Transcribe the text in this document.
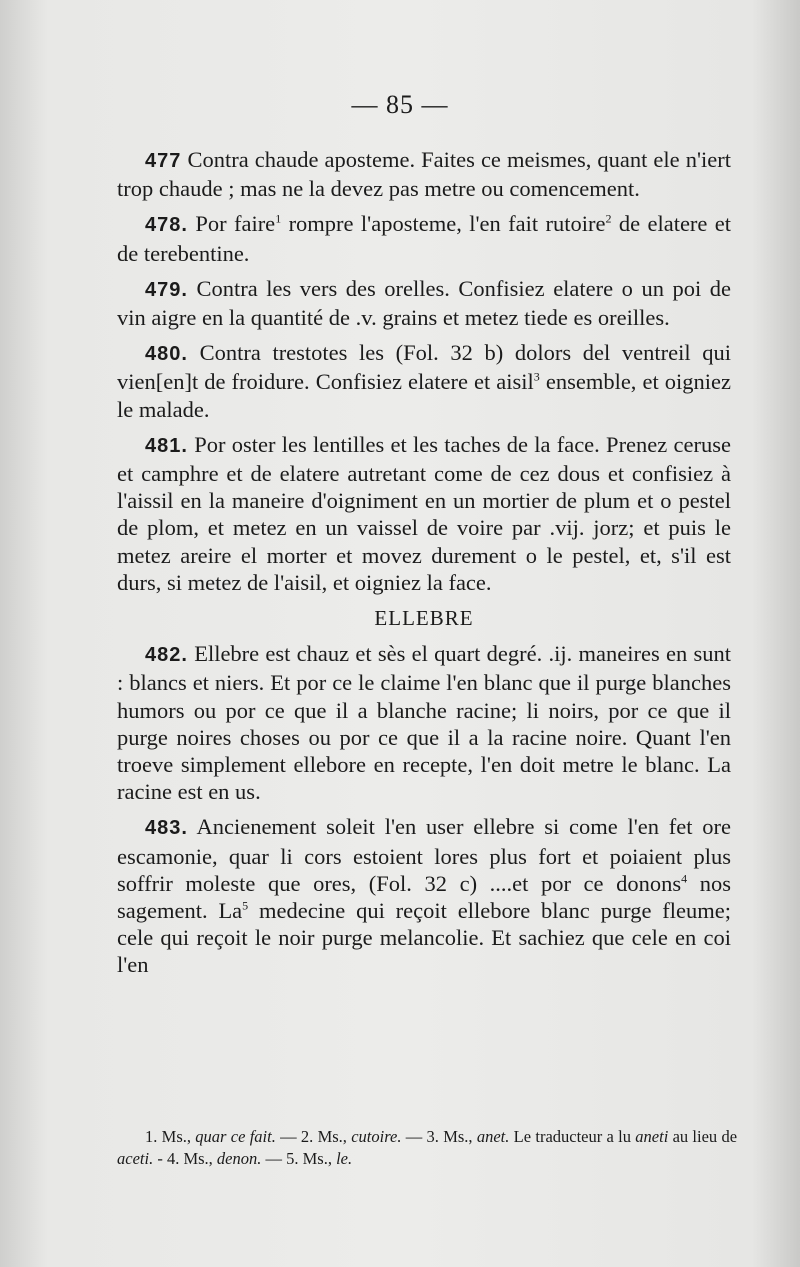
— 85 —

477 Contra chaude aposteme. Faites ce meismes, quant ele n'iert trop chaude ; mas ne la devez pas metre ou comencement.

478. Por faire$^1$ rompre l'aposteme, l'en fait rutoire$^2$ de elatere et de terebentine.

479. Contra les vers des orelles. Confisiez elatere o un poi de vin aigre en la quantité de .v. grains et metez tiede es oreilles.

480. Contra trestotes les (Fol. 32 b) dolors del ventreil qui vien[en]t de froidure. Confisiez elatere et aisil$^3$ ensemble, et oigniez le malade.

481. Por oster les lentilles et les taches de la face. Prenez ceruse et camphre et de elatere autretant come de cez dous et confisiez à l'aissil en la maneire d'oigniment en un mortier de plum et o pestel de plom, et metez en un vaissel de voire par .vij. jorz; et puis le metez areire el morter et movez durement o le pestel, et, s'il est durs, si metez de l'aisil, et oigniez la face.

ELLEBRE

482. Ellebre est chauz et sès el quart degré. .ij. maneires en sunt : blancs et niers. Et por ce le claime l'en blanc que il purge blanches humors ou por ce que il a blanche racine; li noirs, por ce que il purge noires choses ou por ce que il a la racine noire. Quant l'en troeve simplement ellebore en recepte, l'en doit metre le blanc. La racine est en us.

483. Ancienement soleit l'en user ellebre si come l'en fet ore escamonie, quar li cors estoient lores plus fort et poiaient plus soffrir moleste que ores, (Fol. 32 c) ....et por ce donons$^4$ nos sagement. La$^5$ medecine qui reçoit ellebore blanc purge fleume; cele qui reçoit le noir purge melancolie. Et sachiez que cele en coi l'en

1. Ms., quar ce fait. — 2. Ms., cutoire. — 3. Ms., anet. Le traducteur a lu aneti au lieu de aceti. - 4. Ms., denon. — 5. Ms., le.
